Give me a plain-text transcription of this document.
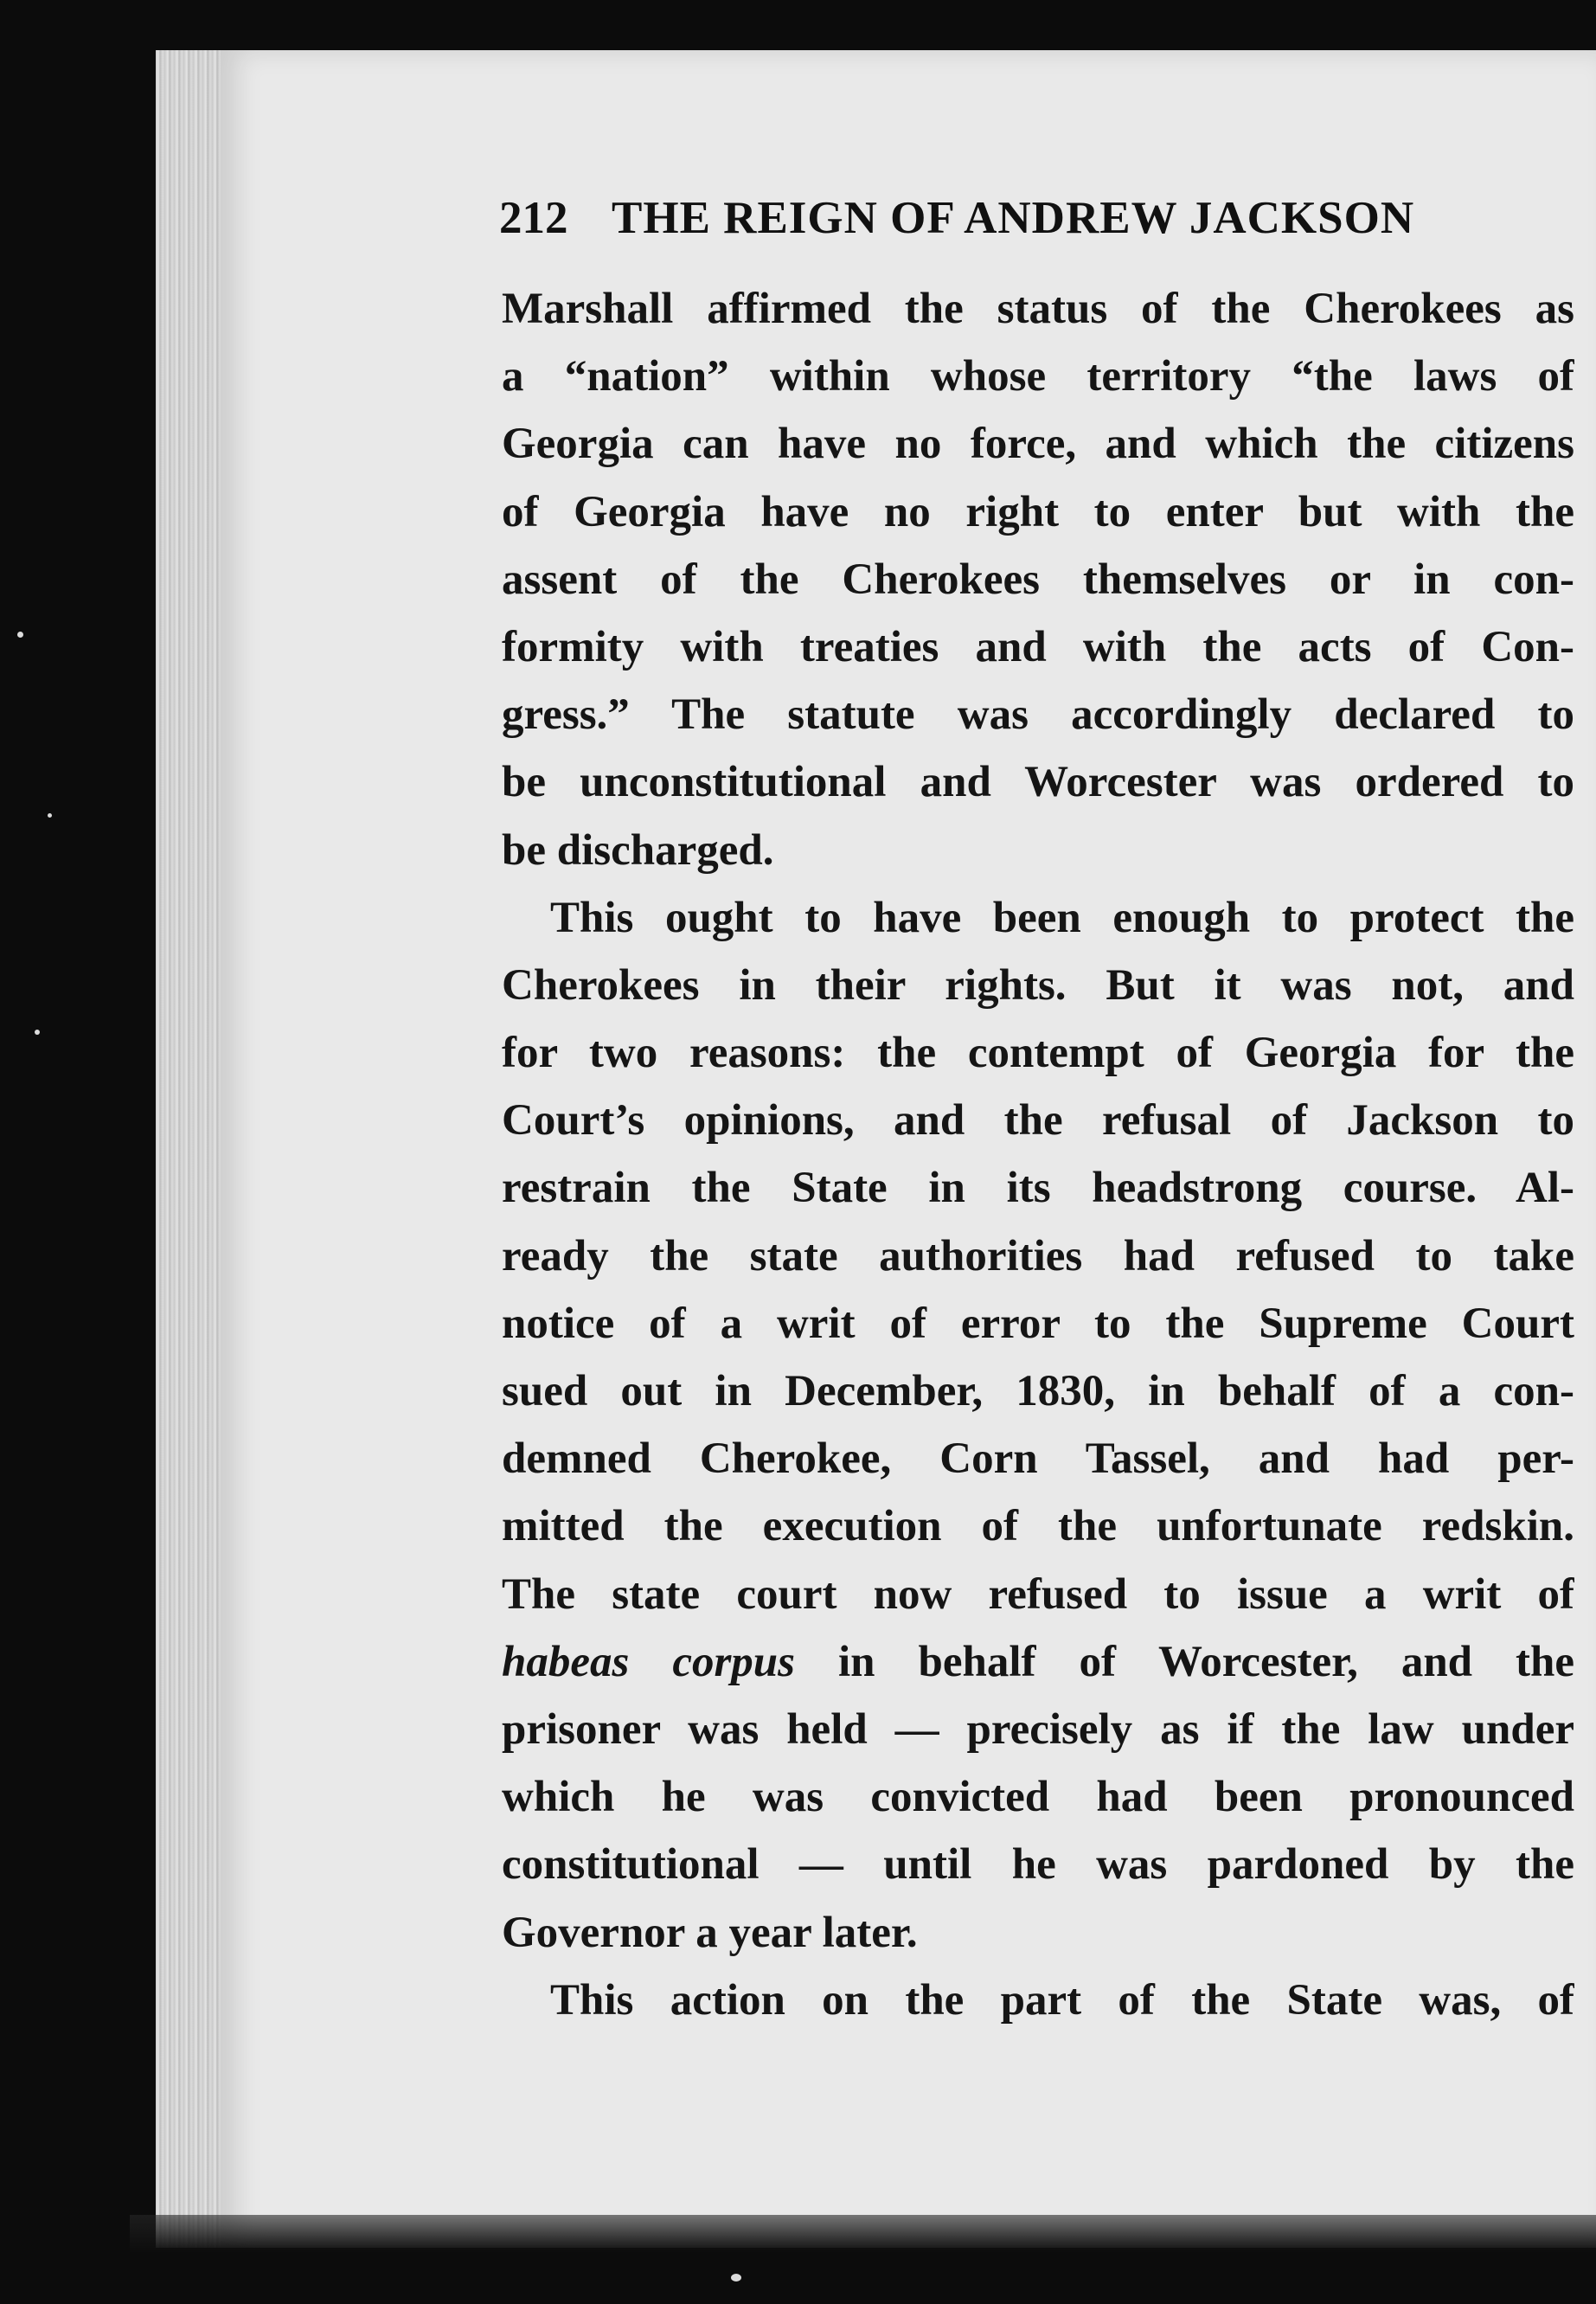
212 THE REIGN OF ANDREW JACKSON
Marshall affirmed the status of the Cherokees as
a “nation” within whose territory “the laws of
Georgia can have no force, and which the citizens
of Georgia have no right to enter but with the
assent of the Cherokees themselves or in con-
formity with treaties and with the acts of Con-
gress.” The statute was accordingly declared to
be unconstitutional and Worcester was ordered to
be discharged.
This ought to have been enough to protect the
Cherokees in their rights. But it was not, and
for two reasons: the contempt of Georgia for the
Court’s opinions, and the refusal of Jackson to
restrain the State in its headstrong course. Al-
ready the state authorities had refused to take
notice of a writ of error to the Supreme Court
sued out in December, 1830, in behalf of a con-
demned Cherokee, Corn Tassel, and had per-
mitted the execution of the unfortunate redskin.
The state court now refused to issue a writ of
habeas corpus in behalf of Worcester, and the
prisoner was held — precisely as if the law under
which he was convicted had been pronounced
constitutional — until he was pardoned by the
Governor a year later.
This action on the part of the State was, of
